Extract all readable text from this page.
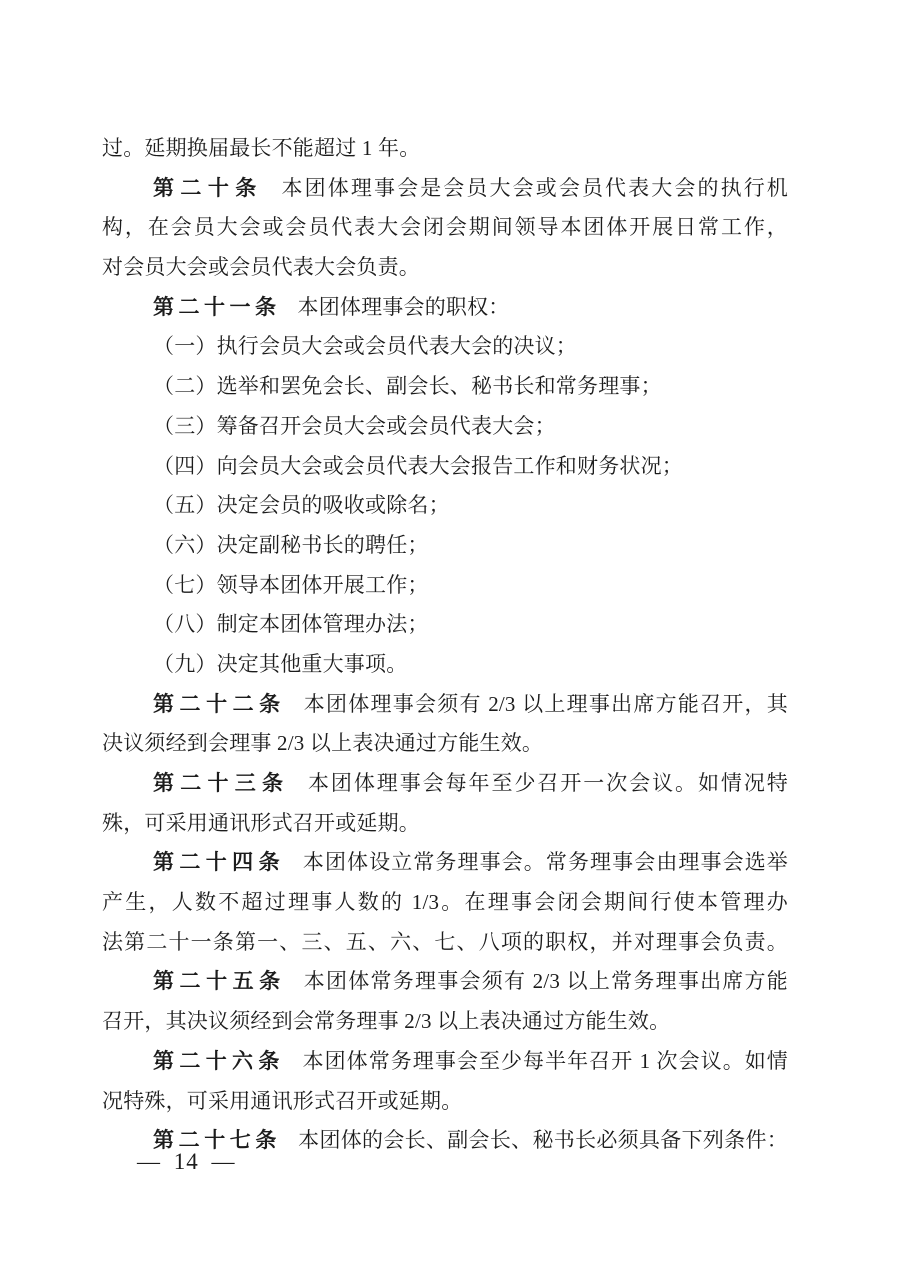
过。延期换届最长不能超过 1 年。
第二十条 本团体理事会是会员大会或会员代表大会的执行机
构，在会员大会或会员代表大会闭会期间领导本团体开展日常工作，
对会员大会或会员代表大会负责。
第二十一条 本团体理事会的职权：
（一）执行会员大会或会员代表大会的决议；
（二）选举和罢免会长、副会长、秘书长和常务理事；
（三）筹备召开会员大会或会员代表大会；
（四）向会员大会或会员代表大会报告工作和财务状况；
（五）决定会员的吸收或除名；
（六）决定副秘书长的聘任；
（七）领导本团体开展工作；
（八）制定本团体管理办法；
（九）决定其他重大事项。
第二十二条 本团体理事会须有 2/3 以上理事出席方能召开，其
决议须经到会理事 2/3 以上表决通过方能生效。
第二十三条 本团体理事会每年至少召开一次会议。如情况特
殊，可采用通讯形式召开或延期。
第二十四条 本团体设立常务理事会。常务理事会由理事会选举
产生，人数不超过理事人数的 1/3。在理事会闭会期间行使本管理办
法第二十一条第一、三、五、六、七、八项的职权，并对理事会负责。
第二十五条 本团体常务理事会须有 2/3 以上常务理事出席方能
召开，其决议须经到会常务理事 2/3 以上表决通过方能生效。
第二十六条 本团体常务理事会至少每半年召开 1 次会议。如情
况特殊，可采用通讯形式召开或延期。
第二十七条 本团体的会长、副会长、秘书长必须具备下列条件：
— 14 —
